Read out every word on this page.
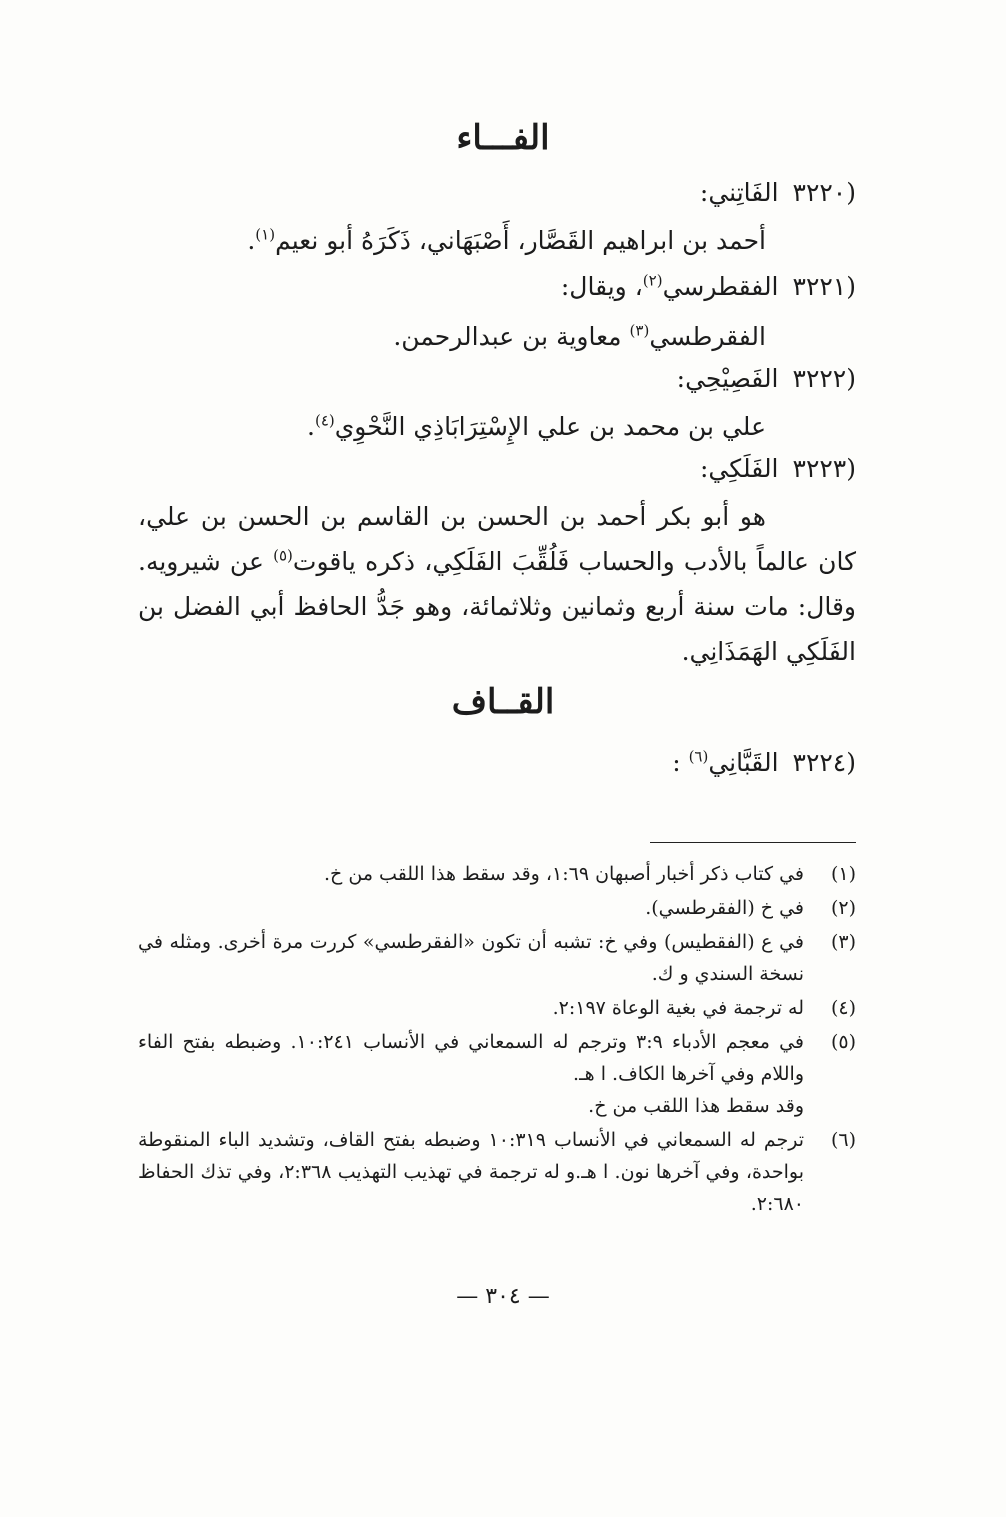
الفـــاء
(٣٢٢٠الفَاتِني:
أحمد بن ابراهيم القَصَّار، أَصْبَهَاني، ذَكَرَهُ أبو نعيم$^{(١)}$.
(٣٢٢١الفقطرسي$^{(٢)}$، ويقال:
الفقرطسي$^{(٣)}$ معاوية بن عبدالرحمن.
(٣٢٢٢الفَصِيْحِي:
علي بن محمد بن علي الإِسْتِرَابَاذِي النَّحْوِي$^{(٤)}$.
(٣٢٢٣الفَلَكِي:
هو أبو بكر أحمد بن الحسن بن القاسم بن الحسن بن علي، كان عالماً بالأدب والحساب فَلُقِّبَ الفَلَكِي، ذكره ياقوت$^{(٥)}$ عن شيرويه. وقال: مات سنة أربع وثمانين وثلاثمائة، وهو جَدُّ الحافظ أبي الفضل بن الفَلَكِي الهَمَذَانِي.
القــاف
(٣٢٢٤القَبَّانِي$^{(٦)}$ :
(١)
في كتاب ذكر أخبار أصبهان ١:٦٩، وقد سقط هذا اللقب من خ.
(٢)
في خ (الفقرطسي).
(٣)
في ع (الفقطيس) وفي خ: تشبه أن تكون «الفقرطسي» كررت مرة أخرى. ومثله في نسخة السندي و ك.
(٤)
له ترجمة في بغية الوعاة ٢:١٩٧.
(٥)
في معجم الأدباء ٣:٩ وترجم له السمعاني في الأنساب ١٠:٢٤١. وضبطه بفتح الفاء واللام وفي آخرها الكاف. ا هـ.
وقد سقط هذا اللقب من خ.
(٦)
ترجم له السمعاني في الأنساب ١٠:٣١٩ وضبطه بفتح القاف، وتشديد الباء المنقوطة بواحدة، وفي آخرها نون. ا هـ.و له ترجمة في تهذيب التهذيب ٢:٣٦٨، وفي تذك الحفاظ ٢:٦٨٠.
— ٣٠٤ —
